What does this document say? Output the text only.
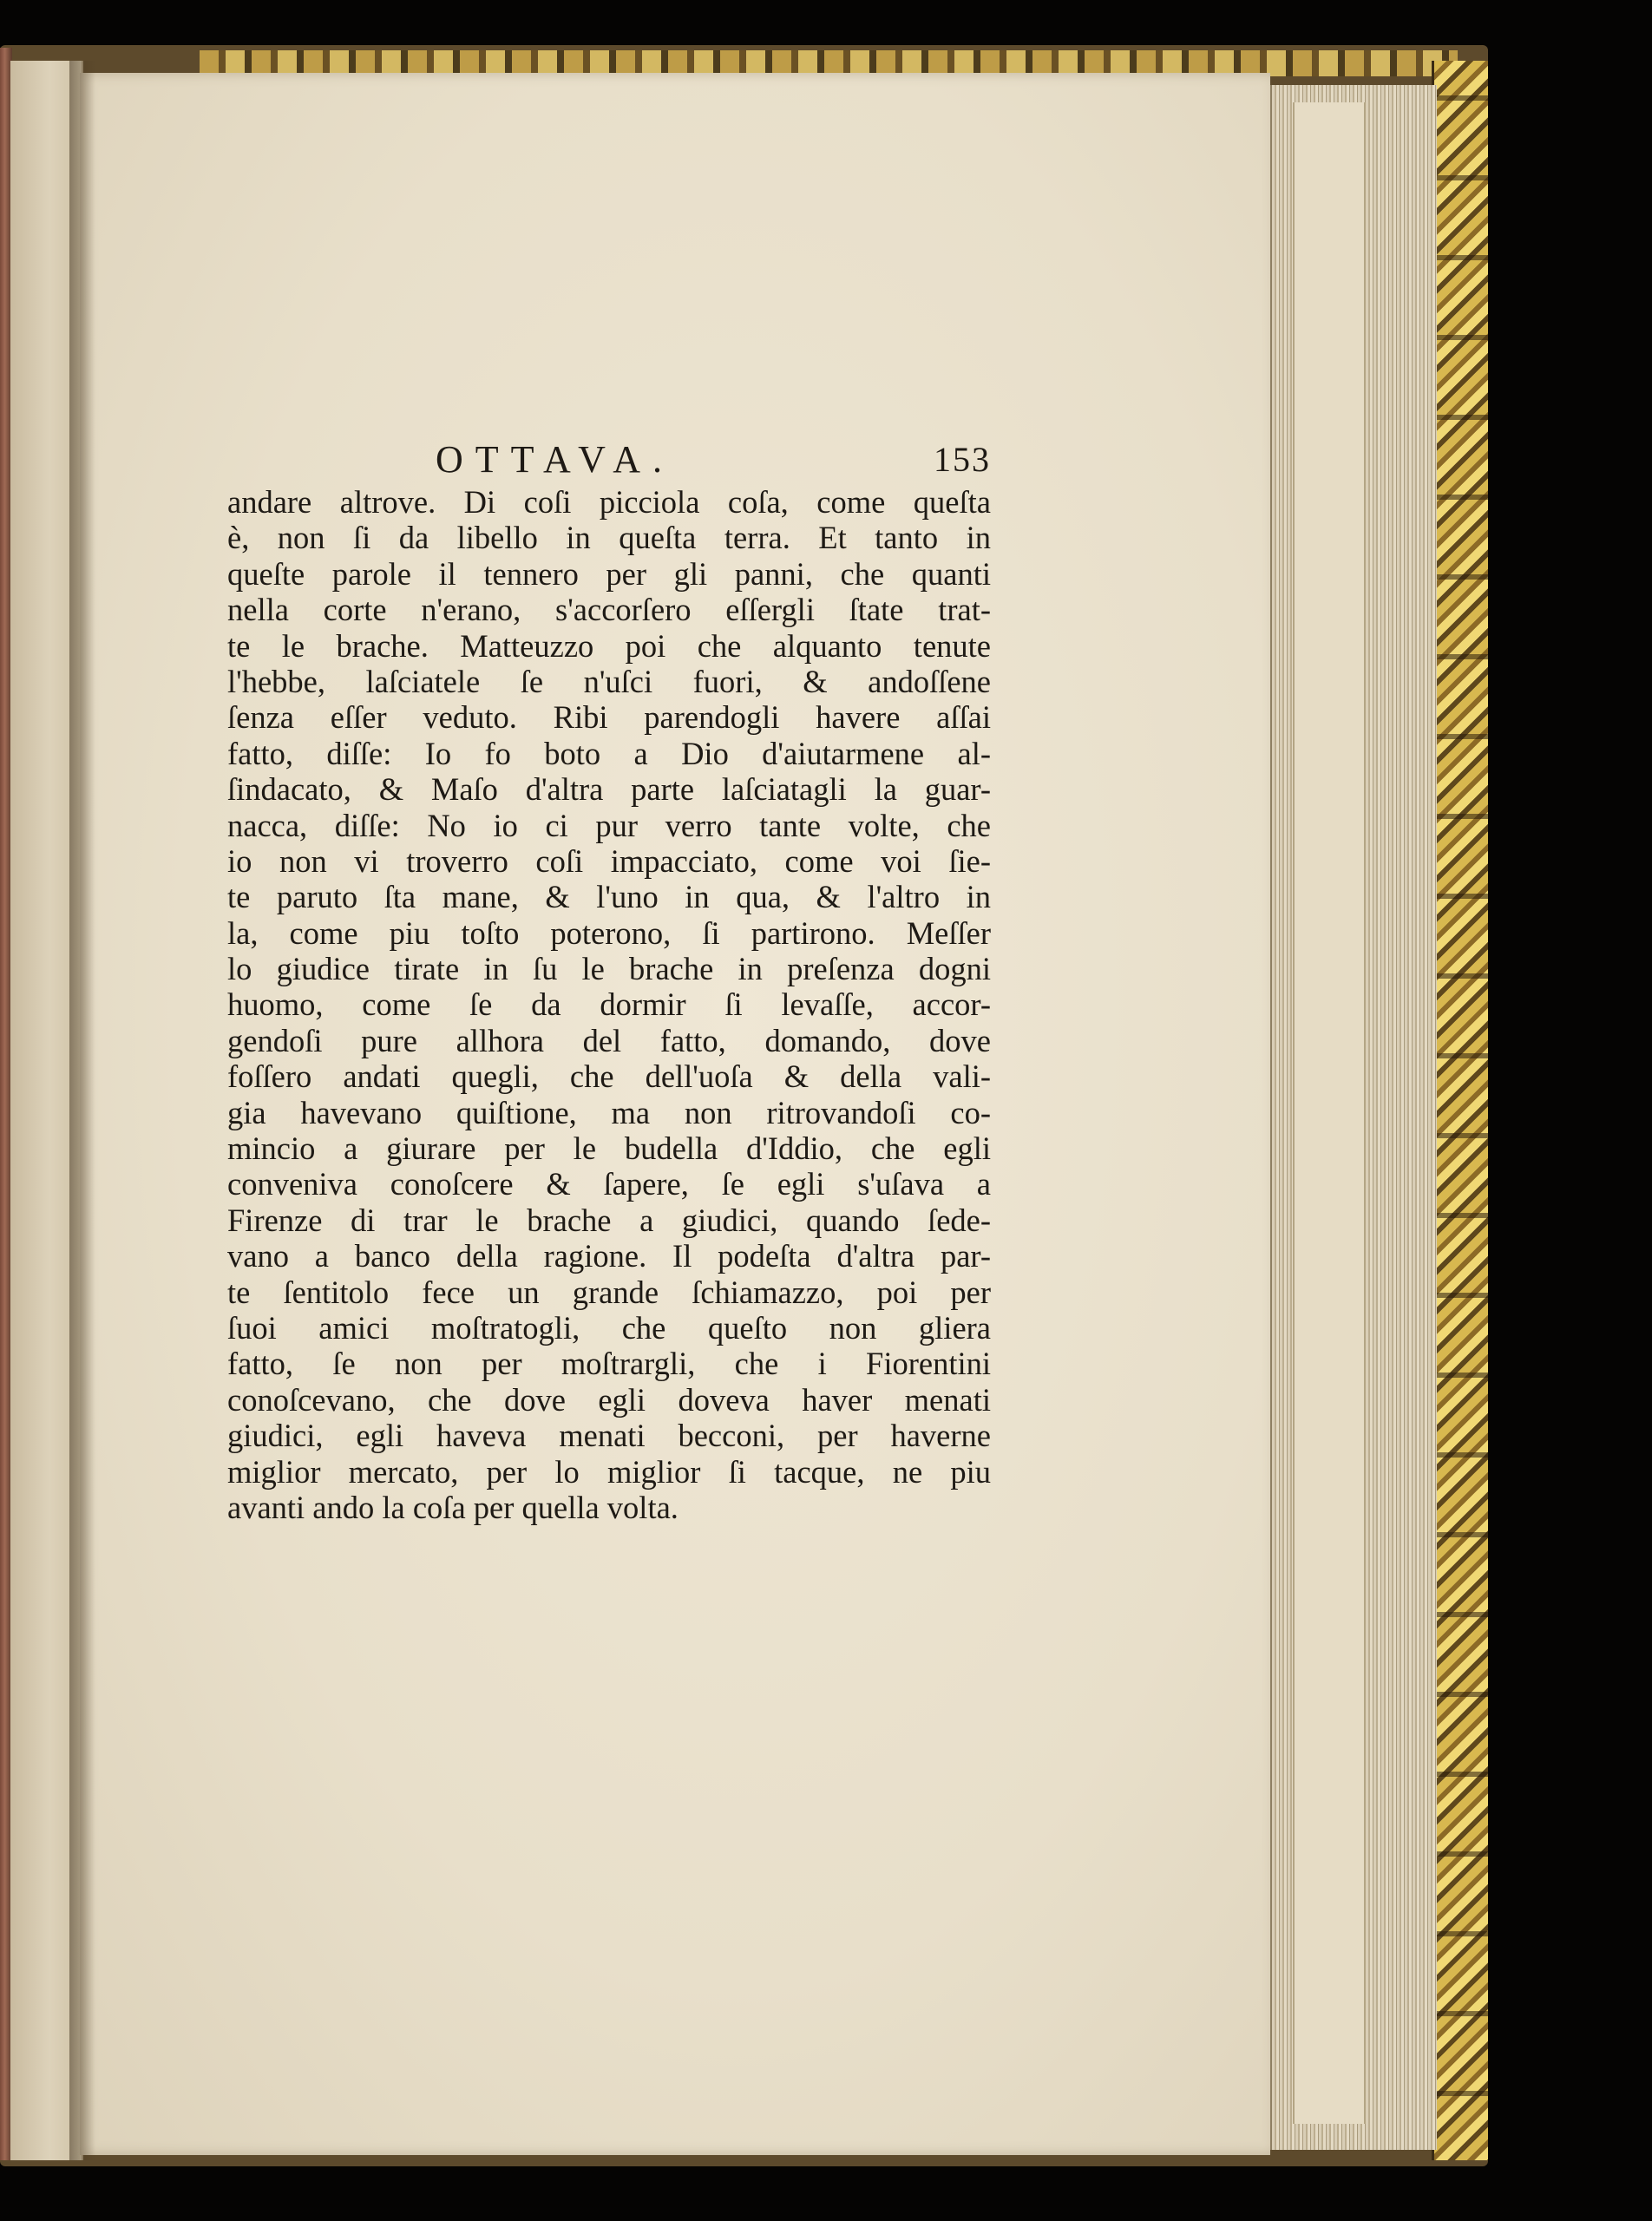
OTTAVA.	153
andare altrove. Di coſi picciola coſa, come queſta
è, non ſi da libello in queſta terra. Et tanto in
queſte parole il tennero per gli panni, che quanti
nella corte n'erano, s'accorſero eſſergli ſtate trat-
te le brache. Matteuzzo poi che alquanto tenute
l'hebbe, laſciatele ſe n'uſci fuori, & andoſſene
ſenza eſſer veduto. Ribi parendogli havere aſſai
fatto, diſſe: Io fo boto a Dio d'aiutarmene al-
ſindacato, & Maſo d'altra parte laſciatagli la guar-
nacca, diſſe: No io ci pur verro tante volte, che
io non vi troverro coſi impacciato, come voi ſie-
te paruto ſta mane, & l'uno in qua, & l'altro in
la, come piu toſto poterono, ſi partirono. Meſſer
lo giudice tirate in ſu le brache in preſenza dogni
huomo, come ſe da dormir ſi levaſſe, accor-
gendoſi pure allhora del fatto, domando, dove
foſſero andati quegli, che dell'uoſa & della vali-
gia havevano quiſtione, ma non ritrovandoſi co-
mincio a giurare per le budella d'Iddio, che egli
conveniva conoſcere & ſapere, ſe egli s'uſava a
Firenze di trar le brache a giudici, quando ſede-
vano a banco della ragione. Il podeſta d'altra par-
te ſentitolo fece un grande ſchiamazzo, poi per
ſuoi amici moſtratogli, che queſto non gliera
fatto, ſe non per moſtrargli, che i Fiorentini
conoſcevano, che dove egli doveva haver menati
giudici, egli haveva menati becconi, per haverne
miglior mercato, per lo miglior ſi tacque, ne piu
avanti ando la coſa per quella volta.
